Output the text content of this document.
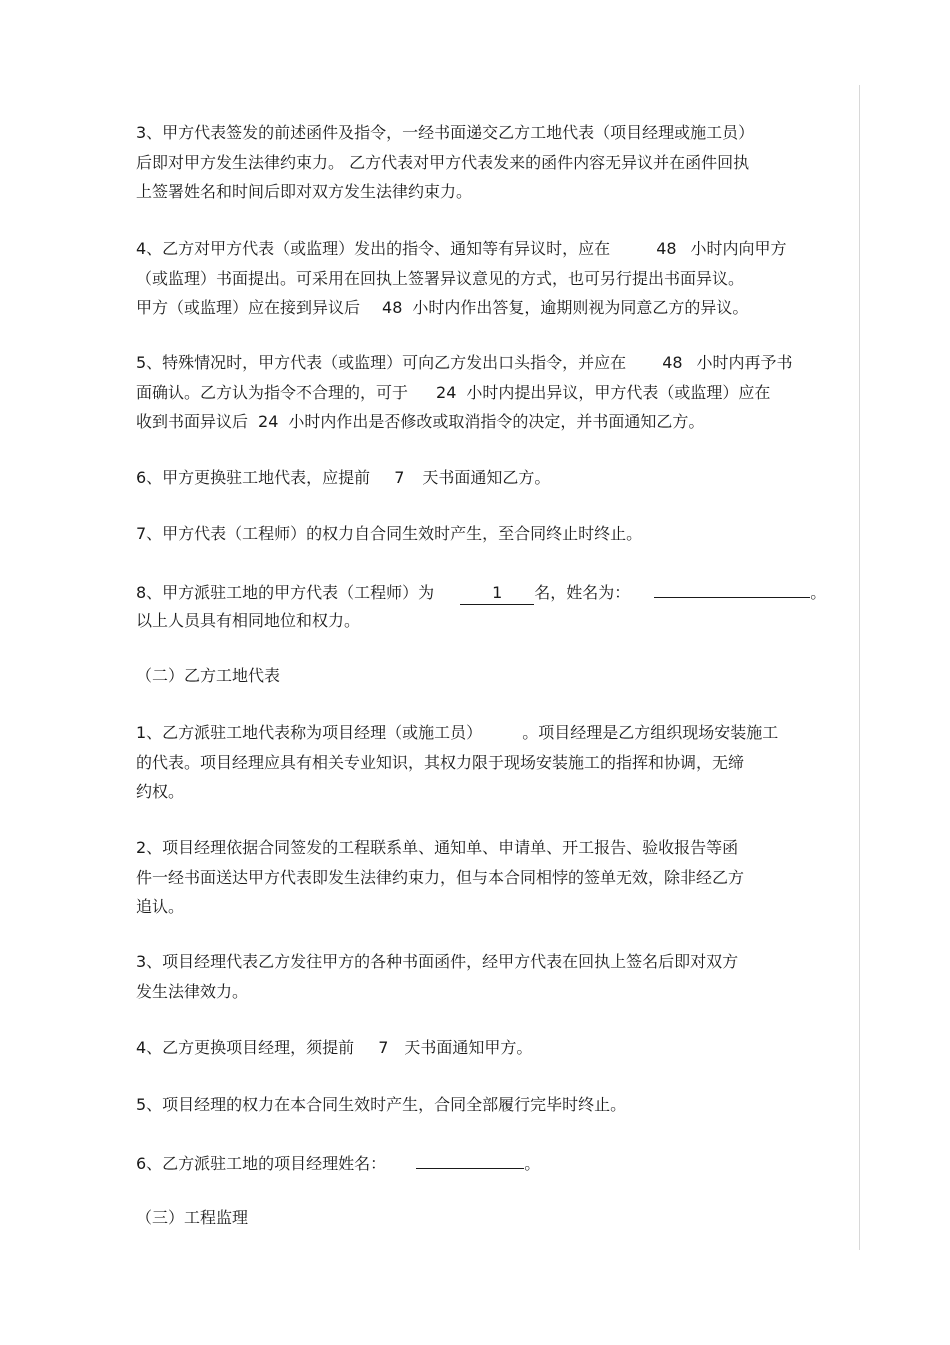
3、甲方代表签发的前述函件及指令，一经书面递交乙方工地代表（项目经理或施工员）
后即对甲方发生法律约束力。 乙方代表对甲方代表发来的函件内容无异议并在函件回执
上签署姓名和时间后即对双方发生法律约束力。
4、乙方对甲方代表（或监理）发出的指令、通知等有异议时，应在	48 小时内向甲方
（或监理）书面提出。可采用在回执上签署异议意见的方式，也可另行提出书面异议。
甲方（或监理）应在接到异议后 48 小时内作出答复，逾期则视为同意乙方的异议。
5、特殊情况时，甲方代表（或监理）可向乙方发出口头指令，并应在 48 小时内再予书
面确认。乙方认为指令不合理的，可于 24 小时内提出异议，甲方代表（或监理）应在
收到书面异议后 24 小时内作出是否修改或取消指令的决定，并书面通知乙方。
6、甲方更换驻工地代表，应提前 7 天书面通知乙方。
7、甲方代表（工程师）的权力自合同生效时产生，至合同终止时终止。
8、甲方派驻工地的甲方代表（工程师）为	1 名，姓名为：	。
以上人员具有相同地位和权力。
（二）乙方工地代表
1、乙方派驻工地代表称为项目经理（或施工员）	。项目经理是乙方组织现场安装施工
的代表。项目经理应具有相关专业知识，其权力限于现场安装施工的指挥和协调，无缔
约权。
2、项目经理依据合同签发的工程联系单、通知单、申请单、开工报告、验收报告等函
件一经书面送达甲方代表即发生法律约束力，但与本合同相悖的签单无效，除非经乙方
追认。
3、项目经理代表乙方发往甲方的各种书面函件，经甲方代表在回执上签名后即对双方
发生法律效力。
4、乙方更换项目经理，须提前 7 天书面通知甲方。
5、项目经理的权力在本合同生效时产生，合同全部履行完毕时终止。
6、乙方派驻工地的项目经理姓名：	。
（三）工程监理
